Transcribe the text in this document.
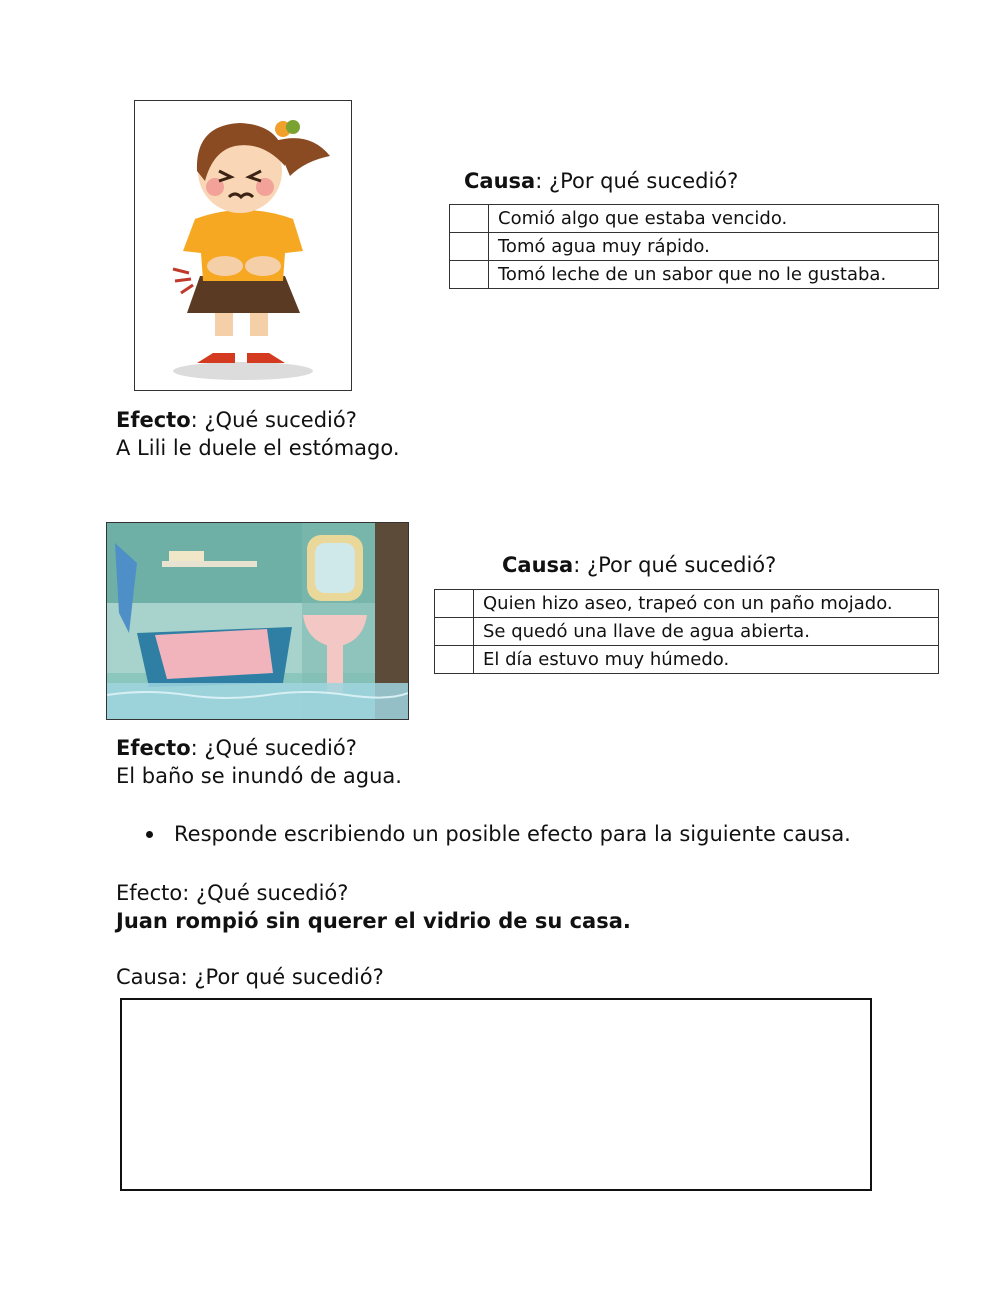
Causa: ¿Por qué sucedió?
	Comió algo que estaba vencido.
	Tomó agua muy rápido.
	Tomó leche de un sabor que no le gustaba.
Efecto: ¿Qué sucedió?
A Lili le duele el estómago.
Causa: ¿Por qué sucedió?
	Quien hizo aseo, trapeó con un paño mojado.
	Se quedó una llave de agua abierta.
	El día estuvo muy húmedo.
Efecto: ¿Qué sucedió?
El baño se inundó de agua.
Responde escribiendo un posible efecto para la siguiente causa.
Efecto: ¿Qué sucedió?
Juan rompió sin querer el vidrio de su casa.
Causa: ¿Por qué sucedió?
